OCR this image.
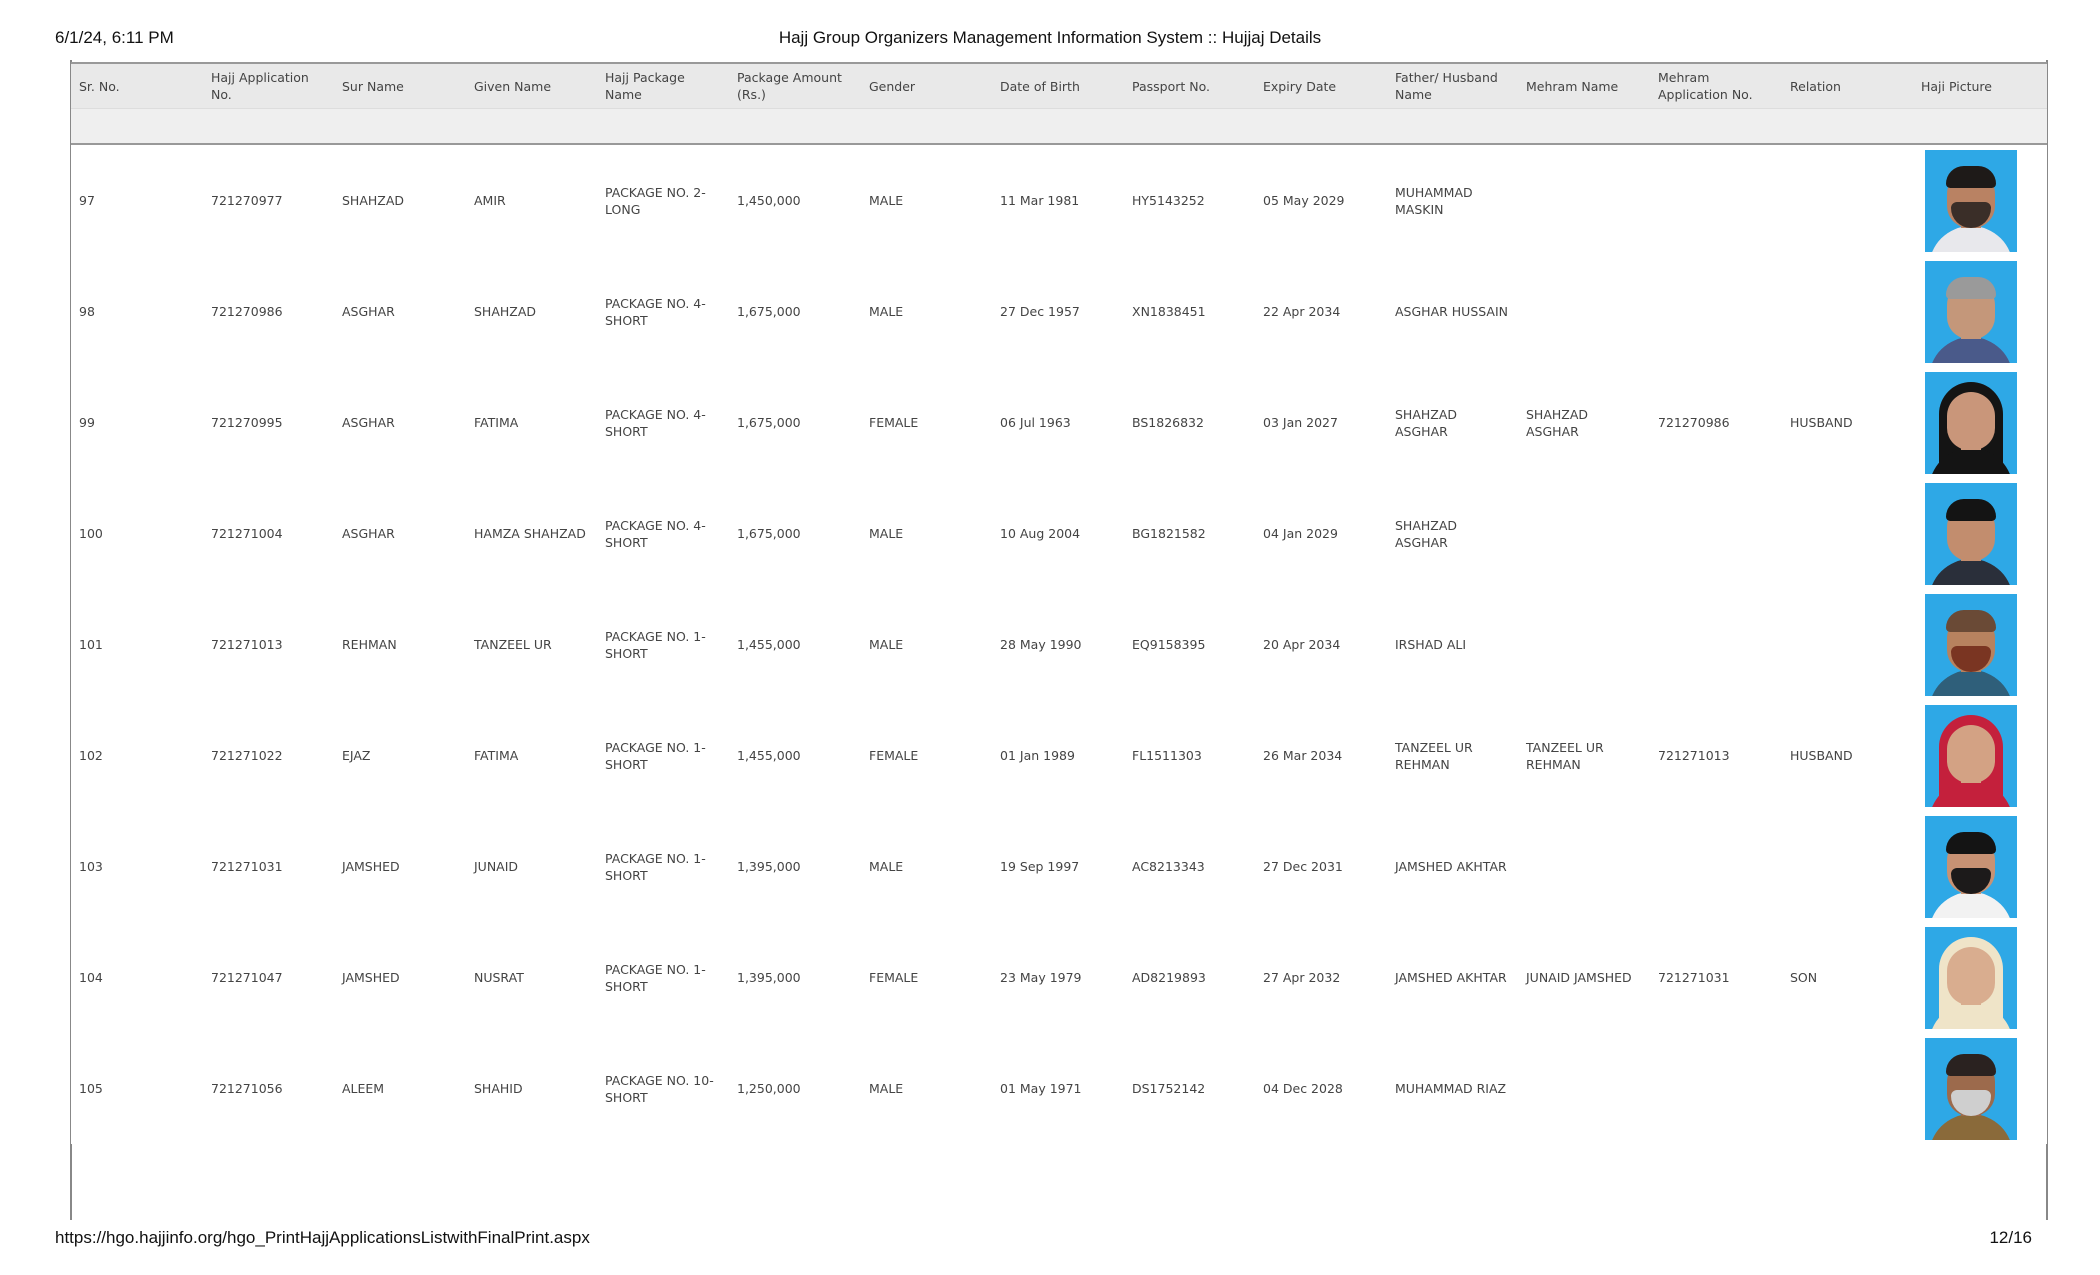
6/1/24, 6:11 PM	Hajj Group Organizers Management Information System :: Hujjaj Details
Sr. No.	Hajj Application No.	Sur Name	Given Name	Hajj Package Name	Package Amount (Rs.)	Gender	Date of Birth	Passport No.	Expiry Date	Father/ Husband Name	Mehram Name	Mehram Application No.	Relation	Haji Picture

97	721270977	SHAHZAD	AMIR	PACKAGE NO. 2-LONG	1,450,000	MALE	11 Mar 1981	HY5143252	05 May 2029	MUHAMMAD MASKIN				

98	721270986	ASGHAR	SHAHZAD	PACKAGE NO. 4-SHORT	1,675,000	MALE	27 Dec 1957	XN1838451	22 Apr 2034	ASGHAR HUSSAIN				

99	721270995	ASGHAR	FATIMA	PACKAGE NO. 4-SHORT	1,675,000	FEMALE	06 Jul 1963	BS1826832	03 Jan 2027	SHAHZAD ASGHAR	SHAHZAD ASGHAR	721270986	HUSBAND	

100	721271004	ASGHAR	HAMZA SHAHZAD	PACKAGE NO. 4-SHORT	1,675,000	MALE	10 Aug 2004	BG1821582	04 Jan 2029	SHAHZAD ASGHAR				

101	721271013	REHMAN	TANZEEL UR	PACKAGE NO. 1-SHORT	1,455,000	MALE	28 May 1990	EQ9158395	20 Apr 2034	IRSHAD ALI				

102	721271022	EJAZ	FATIMA	PACKAGE NO. 1-SHORT	1,455,000	FEMALE	01 Jan 1989	FL1511303	26 Mar 2034	TANZEEL UR REHMAN	TANZEEL UR REHMAN	721271013	HUSBAND	

103	721271031	JAMSHED	JUNAID	PACKAGE NO. 1-SHORT	1,395,000	MALE	19 Sep 1997	AC8213343	27 Dec 2031	JAMSHED AKHTAR				

104	721271047	JAMSHED	NUSRAT	PACKAGE NO. 1-SHORT	1,395,000	FEMALE	23 May 1979	AD8219893	27 Apr 2032	JAMSHED AKHTAR	JUNAID JAMSHED	721271031	SON	

105	721271056	ALEEM	SHAHID	PACKAGE NO. 10-SHORT	1,250,000	MALE	01 May 1971	DS1752142	04 Dec 2028	MUHAMMAD RIAZ				
https://hgo.hajjinfo.org/hgo_PrintHajjApplicationsListwithFinalPrint.aspx	12/16
